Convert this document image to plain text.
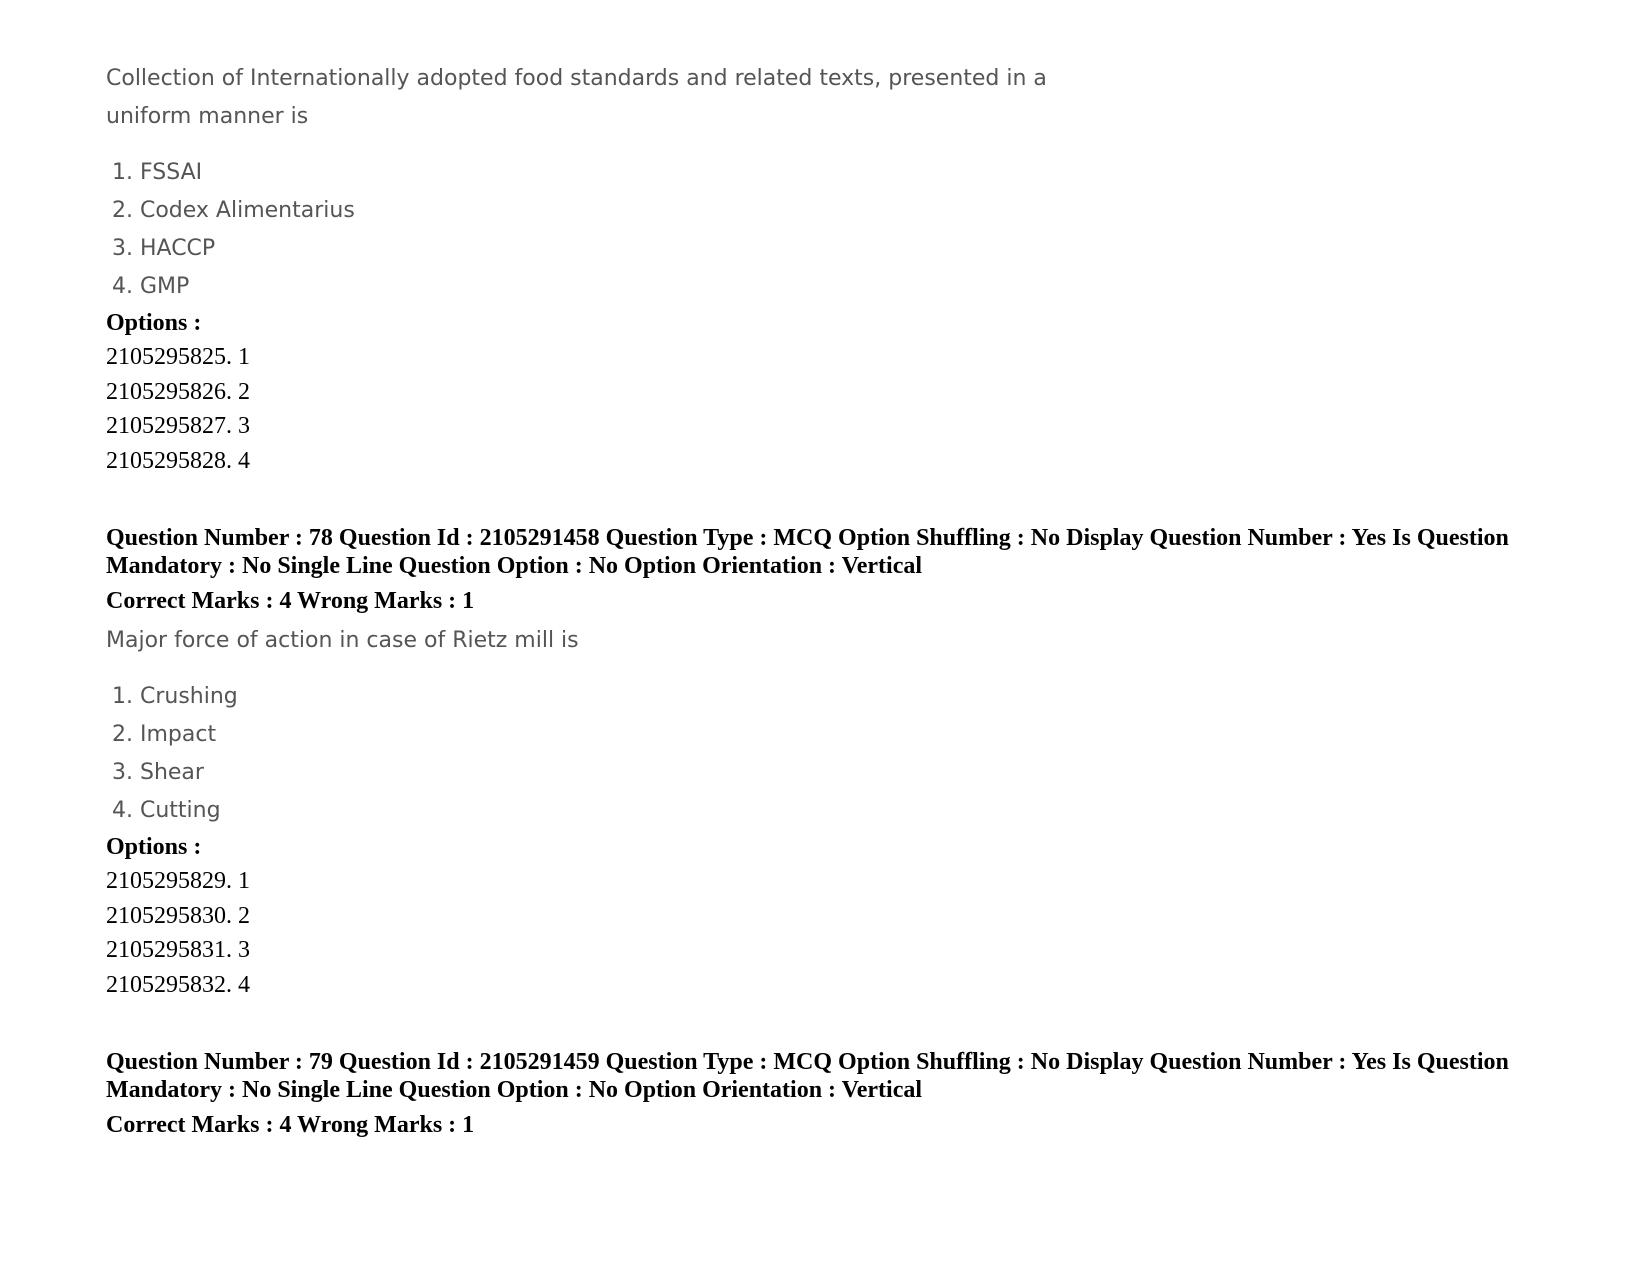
Collection of Internationally adopted food standards and related texts, presented in a uniform manner is

1. FSSAI
2. Codex Alimentarius
3. HACCP
4. GMP

Options :

2105295825. 1
2105295826. 2
2105295827. 3
2105295828. 4

Question Number : 78 Question Id : 2105291458 Question Type : MCQ Option Shuffling : No Display Question Number : Yes Is Question Mandatory : No Single Line Question Option : No Option Orientation : Vertical

Correct Marks : 4 Wrong Marks : 1

Major force of action in case of Rietz mill is

1. Crushing
2. Impact
3. Shear
4. Cutting

Options :

2105295829. 1
2105295830. 2
2105295831. 3
2105295832. 4

Question Number : 79 Question Id : 2105291459 Question Type : MCQ Option Shuffling : No Display Question Number : Yes Is Question Mandatory : No Single Line Question Option : No Option Orientation : Vertical

Correct Marks : 4 Wrong Marks : 1
